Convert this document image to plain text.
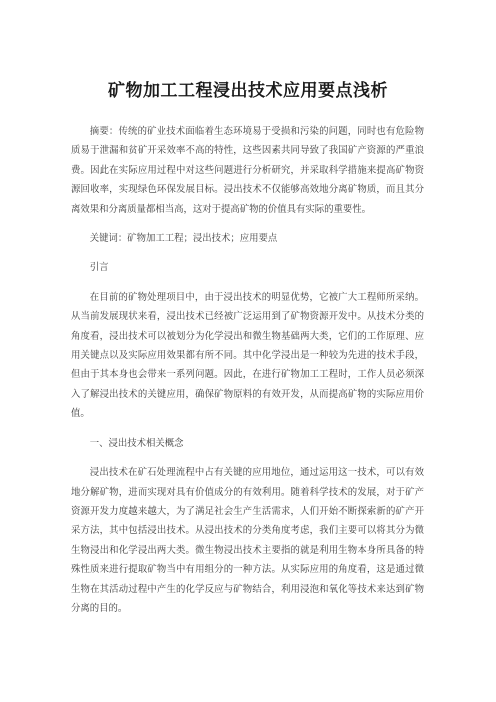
矿物加工工程浸出技术应用要点浅析

摘要：传统的矿业技术面临着生态环境易于受损和污染的问题，同时也有危险物质易于泄漏和贫矿开采效率不高的特性，这些因素共同导致了我国矿产资源的严重浪费。因此在实际应用过程中对这些问题进行分析研究，并采取科学措施来提高矿物资源回收率，实现绿色环保发展目标。浸出技术不仅能够高效地分离矿物质，而且其分离效果和分离质量都相当高，这对于提高矿物的价值具有实际的重要性。

关键词：矿物加工工程；浸出技术；应用要点

引言

在目前的矿物处理项目中，由于浸出技术的明显优势，它被广大工程师所采纳。从当前发展现状来看，浸出技术已经被广泛运用到了矿物资源开发中。从技术分类的角度看，浸出技术可以被划分为化学浸出和微生物基础两大类，它们的工作原理、应用关键点以及实际应用效果都有所不同。其中化学浸出是一种较为先进的技术手段，但由于其本身也会带来一系列问题。因此，在进行矿物加工工程时，工作人员必须深入了解浸出技术的关键应用，确保矿物原料的有效开发，从而提高矿物的实际应用价值。

一、浸出技术相关概念

浸出技术在矿石处理流程中占有关键的应用地位，通过运用这一技术，可以有效地分解矿物，进而实现对具有价值成分的有效利用。随着科学技术的发展，对于矿产资源开发力度越来越大，为了满足社会生产生活需求，人们开始不断探索新的矿产开采方法，其中包括浸出技术。从浸出技术的分类角度考虑，我们主要可以将其分为微生物浸出和化学浸出两大类。微生物浸出技术主要指的就是利用生物本身所具备的特殊性质来进行提取矿物当中有用组分的一种方法。从实际应用的角度看，这是通过微生物在其活动过程中产生的化学反应与矿物结合，利用浸泡和氧化等技术来达到矿物分离的目的。
